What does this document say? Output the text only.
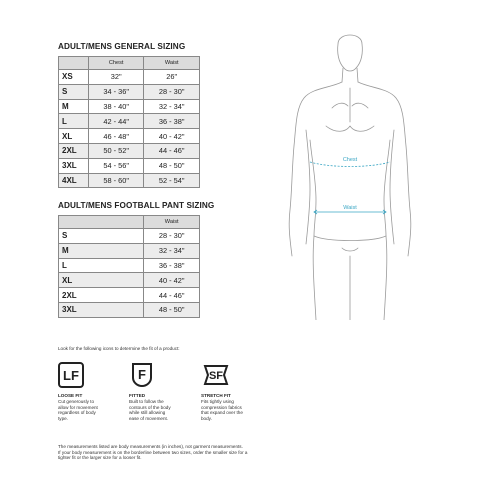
ADULT/MENS GENERAL SIZING
	Chest	Waist
XS	32"	26"
S	34 - 36"	28 - 30"
M	38 - 40"	32 - 34"
L	42 - 44"	36 - 38"
XL	46 - 48"	40 - 42"
2XL	50 - 52"	44 - 46"
3XL	54 - 56"	48 - 50"
4XL	58 - 60"	52 - 54"
ADULT/MENS FOOTBALL PANT SIZING
	Waist
S	28 - 30"
M	32 - 34"
L	36 - 38"
XL	40 - 42"
2XL	44 - 46"
3XL	48 - 50"
Chest
Waist
Look for the following icons to determine the fit of a product:
LF
LOOSE FIT
Cut generously to
allow for movement
regardless of body
type.
F
FITTED
Built to follow the
contours of the body
while still allowing
ease of movement.
SF
STRETCH FIT
Fits tightly using
compression fabrics
that expand over the
body.
The measurements listed are body measurements (in inches), not garment measurements.
If your body measurement is on the borderline between two sizes, order the smaller size for a
tighter fit or the larger size for a looser fit.
